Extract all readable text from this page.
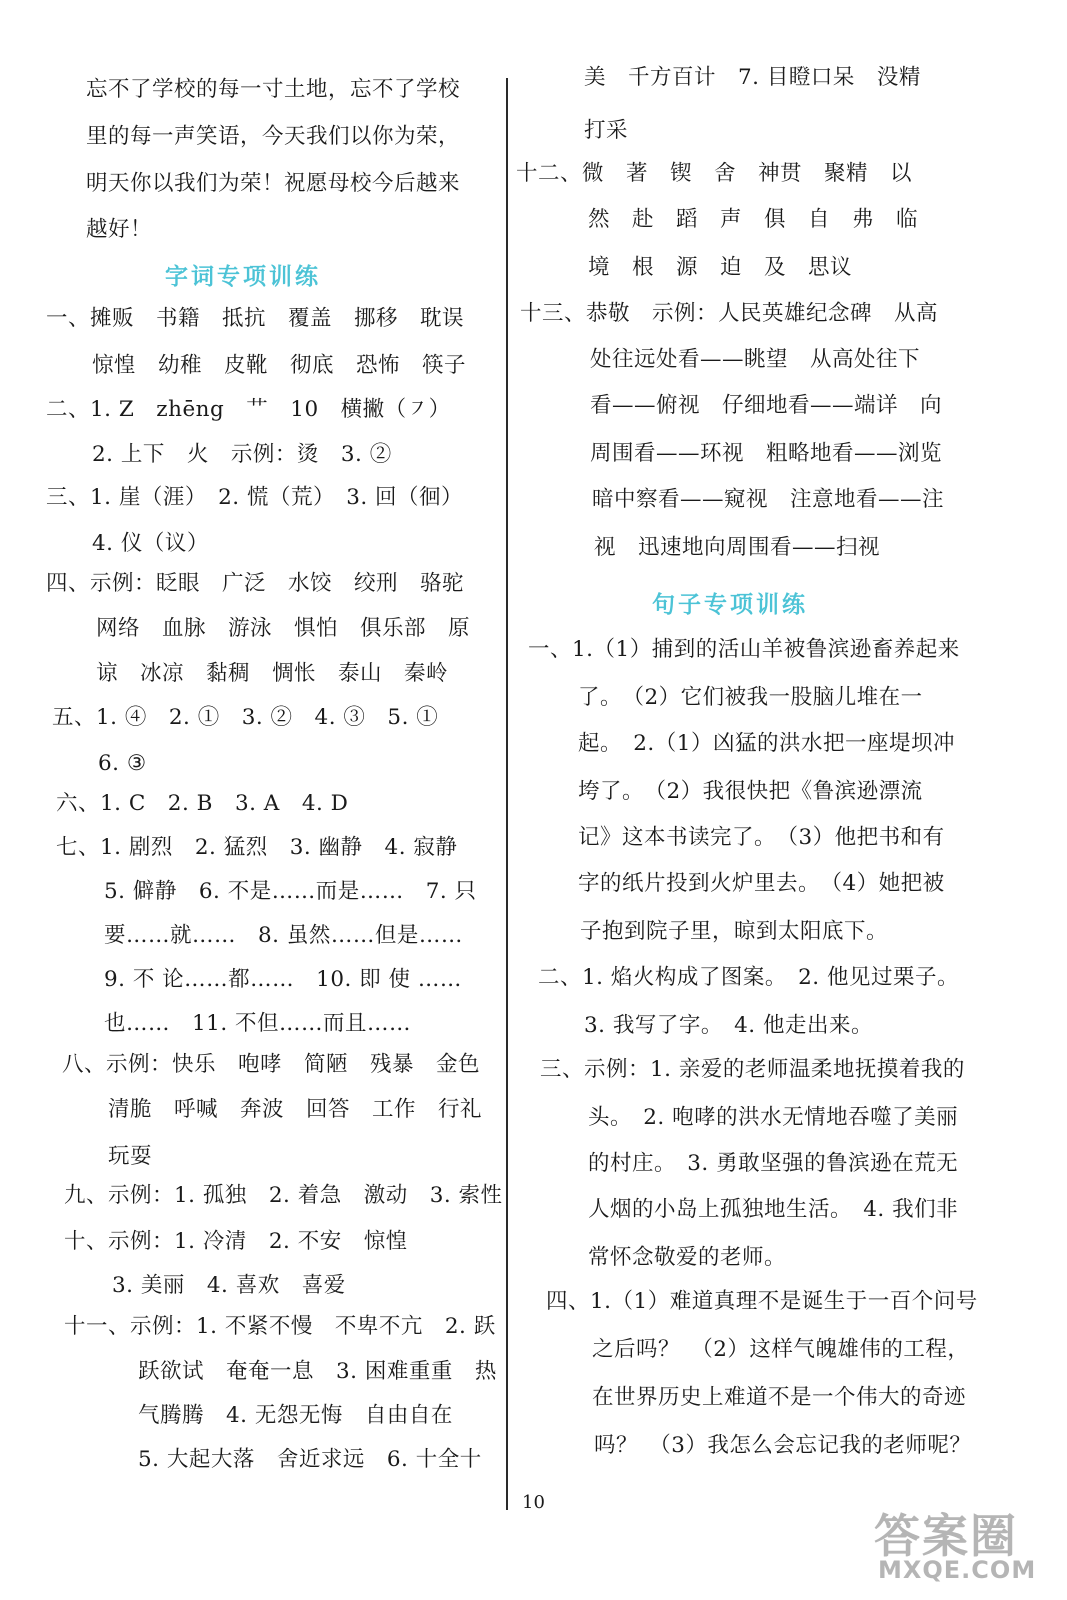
忘不了学校的每一寸土地，忘不了学校
里的每一声笑语，今天我们以你为荣，
明天你以我们为荣！祝愿母校今后越来
越好！
字词专项训练
一、摊贩　书籍　抵抗　覆盖　挪移　耽误
惊惶　幼稚　皮靴　彻底　恐怖　筷子
二、1. Z　zhēng　艹　10　横撇（㇇）
2. 上下　火　示例：烫　3. ②
三、1. 崖（涯）　2. 慌（荒）　3. 回（徊）
4. 仪（议）
四、示例：眨眼　广泛　水饺　绞刑　骆驼
网络　血脉　游泳　惧怕　俱乐部　原
谅　冰凉　黏稠　惆怅　泰山　秦岭
五、1. ④　2. ①　3. ②　4. ③　5. ①
6. ③
六、1. C　2. B　3. A　4. D
七、1. 剧烈　2. 猛烈　3. 幽静　4. 寂静
5. 僻静　6. 不是……而是……　7. 只
要……就……　8. 虽然……但是……
9. 不 论……都……　10. 即 使 ……
也……　11. 不但……而且……
八、示例：快乐　咆哮　简陋　残暴　金色
清脆　呼喊　奔波　回答　工作　行礼
玩耍
九、示例：1. 孤独　2. 着急　激动　3. 索性
十、示例：1. 冷清　2. 不安　惊惶
3. 美丽　4. 喜欢　喜爱
十一、示例：1. 不紧不慢　不卑不亢　2. 跃
跃欲试　奄奄一息　3. 困难重重　热
气腾腾　4. 无怨无悔　自由自在
5. 大起大落　舍近求远　6. 十全十
美　千方百计　7. 目瞪口呆　没精
打采
十二、微　著　锲　舍　神贯　聚精　以
然　赴　蹈　声　俱　自　弗　临
境　根　源　迫　及　思议
十三、恭敬　示例：人民英雄纪念碑　从高
处往远处看——眺望　从高处往下
看——俯视　仔细地看——端详　向
周围看——环视　粗略地看——浏览
暗中察看——窥视　注意地看——注
视　迅速地向周围看——扫视
句子专项训练
一、1.（1）捕到的活山羊被鲁滨逊畜养起来
了。　（2）它们被我一股脑儿堆在一
起。　2.（1）凶猛的洪水把一座堤坝冲
垮了。　（2）我很快把《鲁滨逊漂流
记》这本书读完了。　（3）他把书和有
字的纸片投到火炉里去。　（4）她把被
子抱到院子里，晾到太阳底下。
二、1. 焰火构成了图案。　2. 他见过栗子。
3. 我写了字。　4. 他走出来。
三、示例：1. 亲爱的老师温柔地抚摸着我的
头。　2. 咆哮的洪水无情地吞噬了美丽
的村庄。　3. 勇敢坚强的鲁滨逊在荒无
人烟的小岛上孤独地生活。　4. 我们非
常怀念敬爱的老师。
四、1.（1）难道真理不是诞生于一百个问号
之后吗？　（2）这样气魄雄伟的工程，
在世界历史上难道不是一个伟大的奇迹
吗？　（3）我怎么会忘记我的老师呢？
10
答案圈
MXQE.COM
